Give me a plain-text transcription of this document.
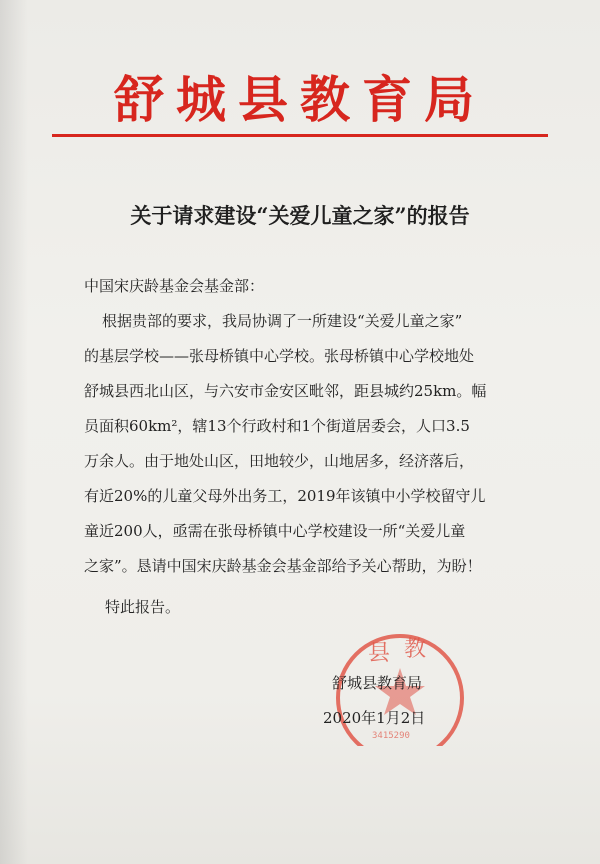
舒城县教育局
关于请求建设“关爱儿童之家”的报告
中国宋庆龄基金会基金部：
根据贵部的要求，我局协调了一所建设“关爱儿童之家”
的基层学校——张母桥镇中心学校。张母桥镇中心学校地处
舒城县西北山区，与六安市金安区毗邻，距县城约25km。幅
员面积60km²，辖13个行政村和1个街道居委会，人口3.5
万余人。由于地处山区，田地较少，山地居多，经济落后，
有近20%的儿童父母外出务工，2019年该镇中小学校留守儿
童近200人，亟需在张母桥镇中心学校建设一所“关爱儿童
之家”。恳请中国宋庆龄基金会基金部给予关心帮助，为盼！
特此报告。
县 教
3415290
舒城县教育局
2020年1月2日
